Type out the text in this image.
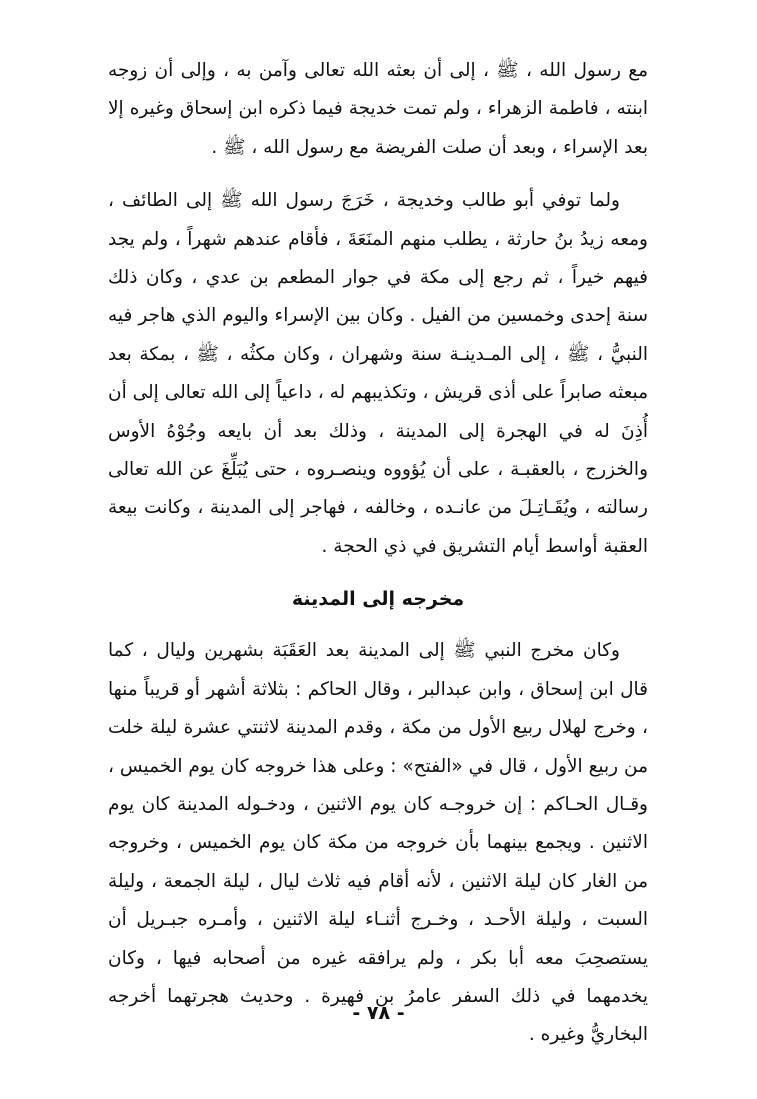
مع رسول الله ، ﷺ ، إلى أن بعثه الله تعالى وآمن به ، وإلى أن زوجه ابنته ، فاطمة الزهراء ، ولم تمت خديجة فيما ذكره ابن إسحاق وغيره إلا بعد الإسراء ، وبعد أن صلت الفريضة مع رسول الله ، ﷺ .

ولما توفي أبو طالب وخديجة ، خَرَجَ رسول الله ﷺ إلى الطائف ، ومعه زيدُ بنُ حارثة ، يطلب منهم المنَعَةَ ، فأقام عندهم شهراً ، ولم يجد فيهم خيراً ، ثم رجع إلى مكة في جوار المطعم بن عدي ، وكان ذلك سنة إحدى وخمسين من الفيل . وكان بين الإسراء واليوم الذي هاجر فيه النبيُّ ، ﷺ ، إلى المـدينـة سنة وشهران ، وكان مكثُه ، ﷺ ، بمكة بعد مبعثه صابراً على أذى قريش ، وتكذيبهم له ، داعياً إلى الله تعالى إلى أن أُذِنَ له في الهجرة إلى المدينة ، وذلك بعد أن بايعه وجُوْهُ الأوس والخزرج ، بالعقبـة ، على أن يُؤووه وينصـروه ، حتى يُبَلِّغَ عن الله تعالى رسالته ، ويُقَـاتِـلَ من عانـده ، وخالفه ، فهاجر إلى المدينة ، وكانت بيعة العقبة أواسط أيام التشريق في ذي الحجة .

مخرجه إلى المدينة

وكان مخرج النبي ﷺ إلى المدينة بعد العَقَبَة بشهرين وليال ، كما قال ابن إسحاق ، وابن عبدالبر ، وقال الحاكم : بثلاثة أشهر أو قريباً منها ، وخرج لهلال ربيع الأول من مكة ، وقدم المدينة لاثنتي عشرة ليلة خلت من ربيع الأول ، قال في «الفتح» : وعلى هذا خروجه كان يوم الخميس ، وقـال الحـاكم : إن خروجـه كان يوم الاثنين ، ودخـوله المدينة كان يوم الاثنين . ويجمع بينهما بأن خروجه من مكة كان يوم الخميس ، وخروجه من الغار كان ليلة الاثنين ، لأنه أقام فيه ثلاث ليال ، ليلة الجمعة ، وليلة السبت ، وليلة الأحـد ، وخـرج أثنـاء ليلة الاثنين ، وأمـره جبـريل أن يستصحِبَ معه أبا بكر ، ولم يرافقه غيره من أصحابه فيها ، وكان يخدمهما في ذلك السفر عامرُ بن فهيرة . وحديث هجرتهما أخرجه البخاريُّ وغيره .

- ٧٨ -
